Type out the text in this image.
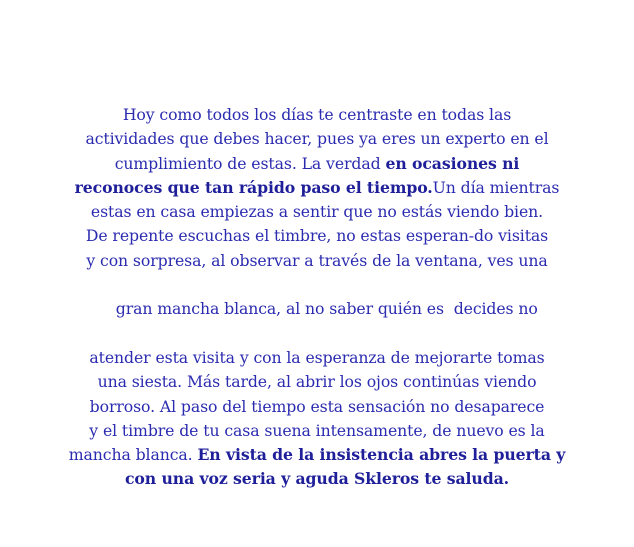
Hoy como todos los días te centraste en todas las
actividades que debes hacer, pues ya eres un experto en el
cumplimiento de estas. La verdad en ocasiones ni
reconoces que tan rápido paso el tiempo.Un día mientras
estas en casa empiezas a sentir que no estás viendo bien.
De repente escuchas el timbre, no estas esperan-do visitas
y con sorpresa, al observar a través de la ventana, ves una

gran mancha blanca, al no saber quién es  decides no

atender esta visita y con la esperanza de mejorarte tomas
una siesta. Más tarde, al abrir los ojos continúas viendo
borroso. Al paso del tiempo esta sensación no desaparece
y el timbre de tu casa suena intensamente, de nuevo es la
mancha blanca. En vista de la insistencia abres la puerta y
con una voz seria y aguda Skleros te saluda.
